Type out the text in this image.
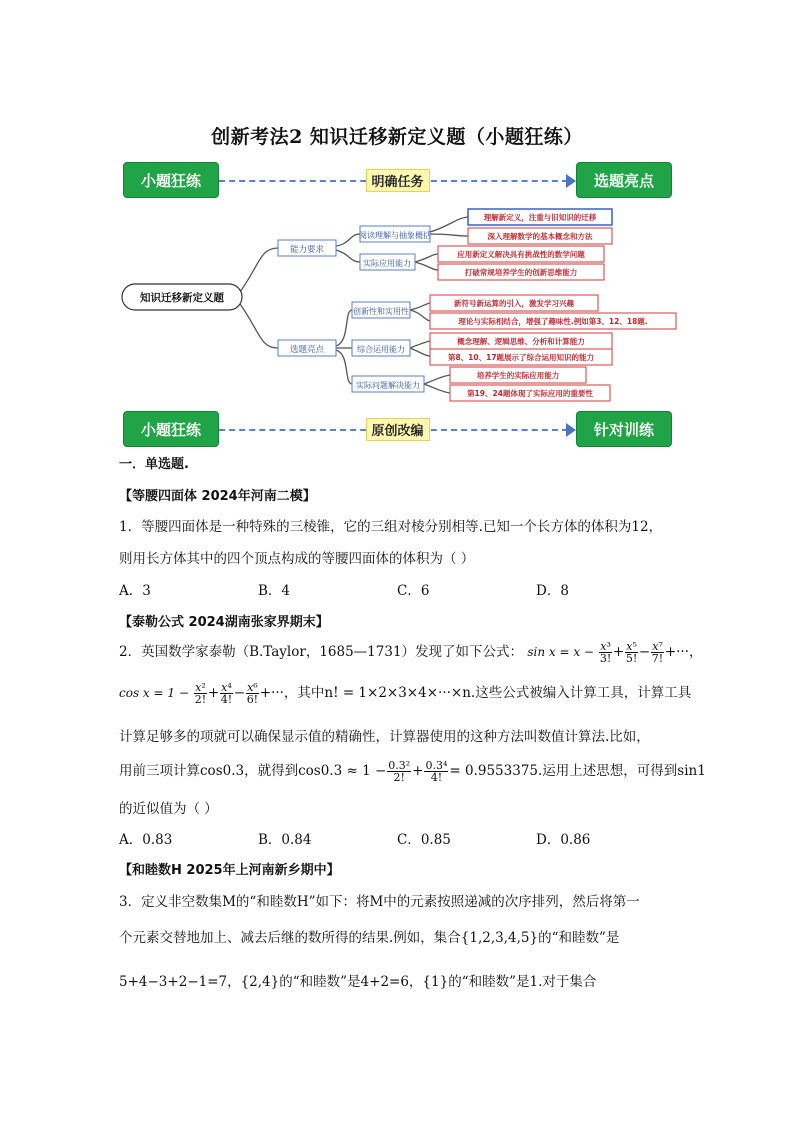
创新考法2 知识迁移新定义题（小题狂练）
小题狂练	明确任务	选题亮点
知识迁移新定义题
能力要求
选题亮点
阅读理解与抽象概括
实际应用能力
创新性和实用性
综合运用能力
实际问题解决能力
理解新定义，注重与旧知识的迁移
深入理解数学的基本概念和方法
应用新定义解决具有挑战性的数学问题
打破常规培养学生的创新思维能力
新符号新运算的引入，激发学习兴趣
理论与实际相结合，增强了趣味性.例如第3、12、18题.
概念理解、逻辑思维、分析和计算能力
第8、10、17题展示了综合运用知识的能力
培养学生的实际应用能力
第19、24题体现了实际应用的重要性
小题狂练	原创改编	针对训练
一．单选题.
【等腰四面体 2024年河南二模】
1．等腰四面体是一种特殊的三棱锥，它的三组对棱分别相等.已知一个长方体的体积为12，
则用长方体其中的四个顶点构成的等腰四面体的体积为（ ）
A．3	B．4	C．6	D．8
【泰勒公式 2024湖南张家界期末】
2．英国数学家泰勒（B.Taylor，1685—1731）发现了如下公式： $\sin x = x - \frac{\text{x³}}{3!} + \frac{\text{x⁵}}{5!} - \frac{\text{x⁷}}{7!}$ +···，
$\cos x = 1 - \frac{\text{x²}}{2!} + \frac{\text{x⁴}}{4!} - \frac{\text{x⁶}}{6!}$ +···，其中n! = 1×2×3×4×···×n.这些公式被编入计算工具，计算工具
计算足够多的项就可以确保显示值的精确性，计算器使用的这种方法叫数值计算法.比如，
用前三项计算cos0.3，就得到$\cos 0.3 \approx 1 - \frac{\text{0.3²}}{2!} + \frac{\text{0.3⁴}}{4!} = 0.9553375$.运用上述思想，可得到sin1
的近似值为（ ）
A．0.83	B．0.84	C．0.85	D．0.86
【和睦数H 2025年上河南新乡期中】
3．定义非空数集M的“和睦数H”如下：将M中的元素按照递减的次序排列，然后将第一
个元素交替地加上、减去后继的数所得的结果.例如，集合{1,2,3,4,5}的“和睦数”是
5+4−3+2−1=7，{2,4}的“和睦数”是4+2=6，{1}的“和睦数”是1.对于集合
